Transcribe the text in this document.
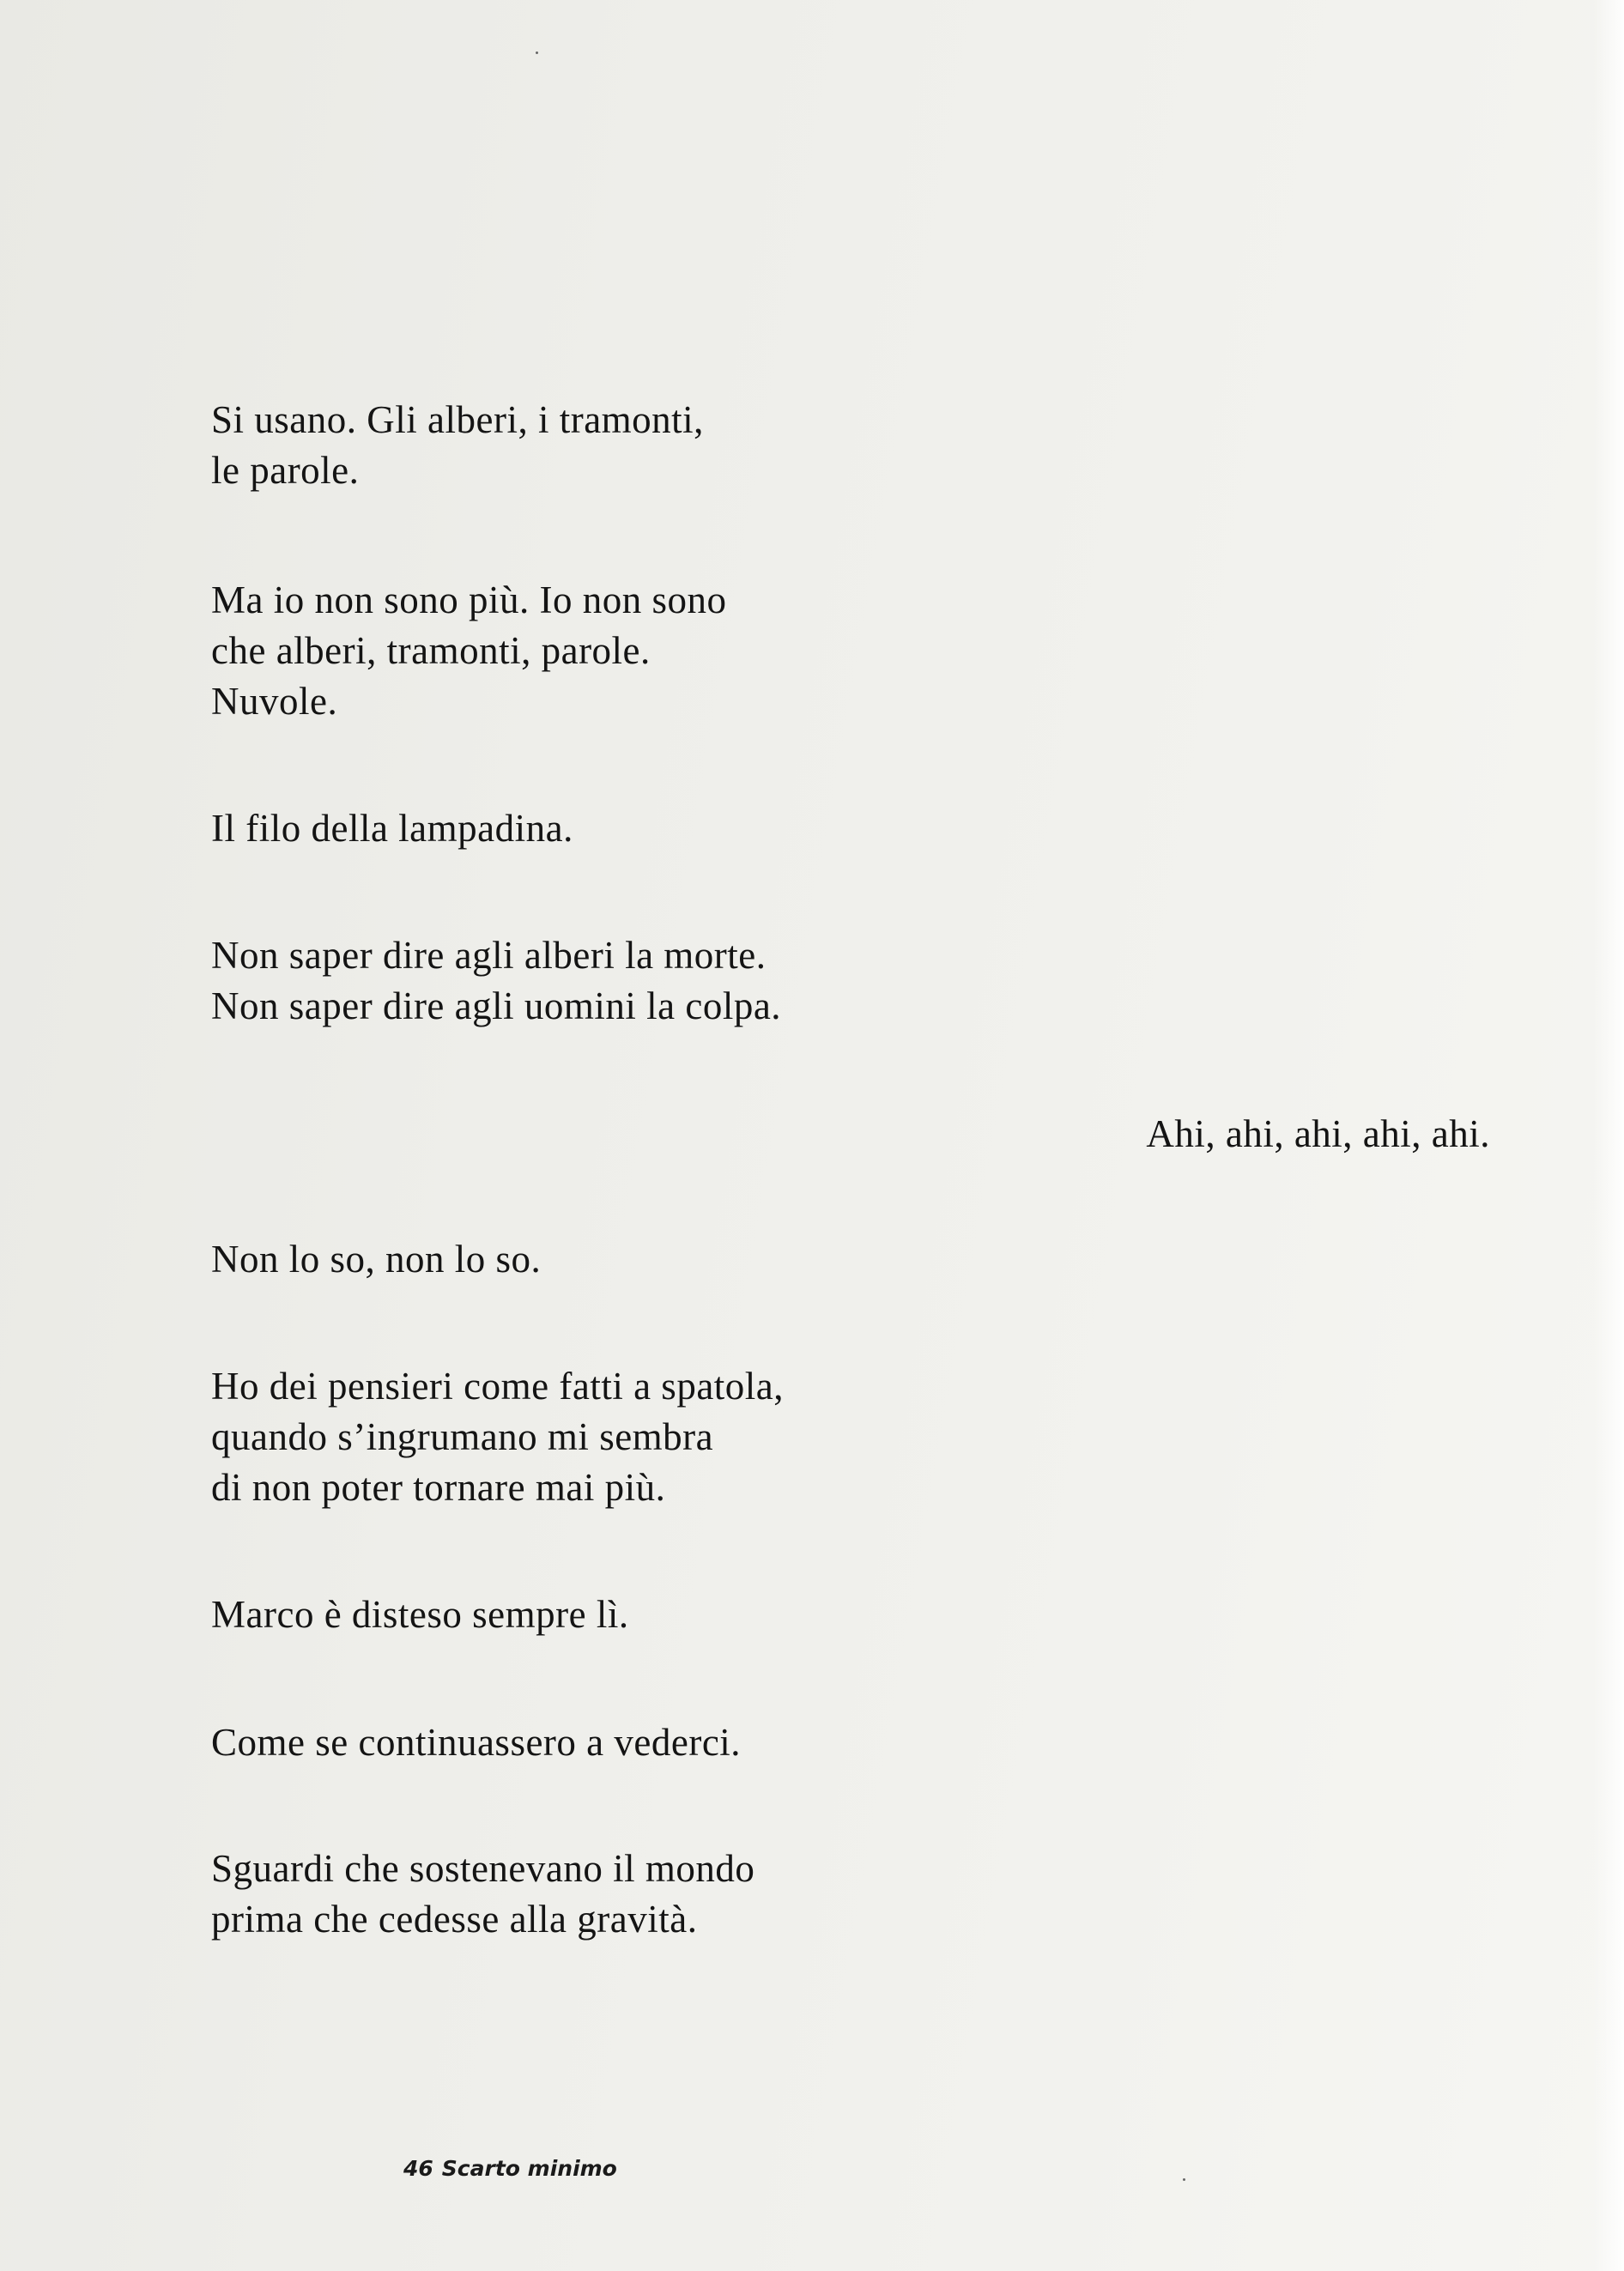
Si usano. Gli alberi, i tramonti,
le parole.

Ma io non sono più. Io non sono
che alberi, tramonti, parole.
Nuvole.

Il filo della lampadina.

Non saper dire agli alberi la morte.
Non saper dire agli uomini la colpa.

Ahi, ahi, ahi, ahi, ahi.

Non lo so, non lo so.

Ho dei pensieri come fatti a spatola,
quando s’ingrumano mi sembra
di non poter tornare mai più.

Marco è disteso sempre lì.

Come se continuassero a vederci.

Sguardi che sostenevano il mondo
prima che cedesse alla gravità.

46 Scarto minimo
